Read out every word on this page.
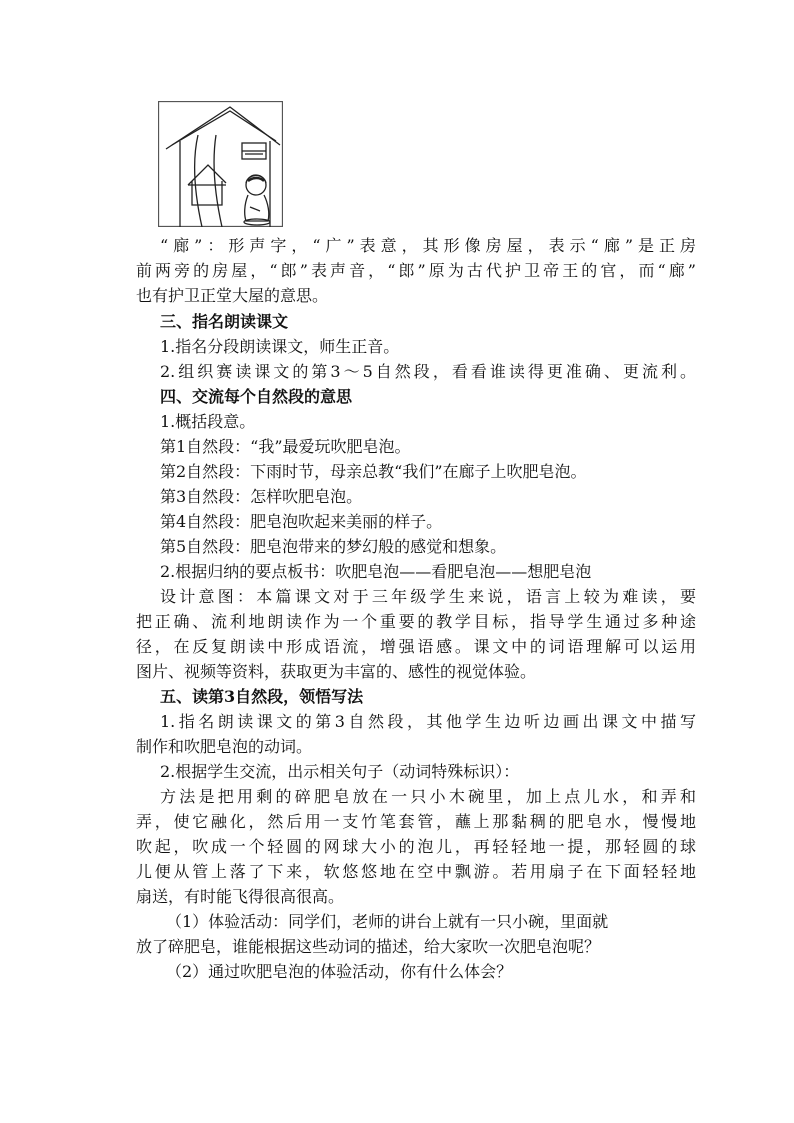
“廊”：形声字，“广”表意，其形像房屋，表示“廊”是正房
前两旁的房屋，“郎”表声音，“郎”原为古代护卫帝王的官，而“廊”
也有护卫正堂大屋的意思。
三、指名朗读课文
1.指名分段朗读课文，师生正音。
2.组织赛读课文的第3～5自然段，看看谁读得更准确、更流利。
四、交流每个自然段的意思
1.概括段意。
第1自然段：“我”最爱玩吹肥皂泡。
第2自然段：下雨时节，母亲总教“我们”在廊子上吹肥皂泡。
第3自然段：怎样吹肥皂泡。
第4自然段：肥皂泡吹起来美丽的样子。
第5自然段：肥皂泡带来的梦幻般的感觉和想象。
2.根据归纳的要点板书：吹肥皂泡——看肥皂泡——想肥皂泡
设计意图：本篇课文对于三年级学生来说，语言上较为难读，要
把正确、流利地朗读作为一个重要的教学目标，指导学生通过多种途
径，在反复朗读中形成语流，增强语感。课文中的词语理解可以运用
图片、视频等资料，获取更为丰富的、感性的视觉体验。
五、读第3自然段，领悟写法
1.指名朗读课文的第3自然段，其他学生边听边画出课文中描写
制作和吹肥皂泡的动词。
2.根据学生交流，出示相关句子（动词特殊标识）：
方法是把用剩的碎肥皂放在一只小木碗里，加上点儿水，和弄和
弄，使它融化，然后用一支竹笔套管，蘸上那黏稠的肥皂水，慢慢地
吹起，吹成一个轻圆的网球大小的泡儿，再轻轻地一提，那轻圆的球
儿便从管上落了下来，软悠悠地在空中飘游。若用扇子在下面轻轻地
扇送，有时能飞得很高很高。
（1）体验活动：同学们，老师的讲台上就有一只小碗，里面就
放了碎肥皂，谁能根据这些动词的描述，给大家吹一次肥皂泡呢？
（2）通过吹肥皂泡的体验活动，你有什么体会？
